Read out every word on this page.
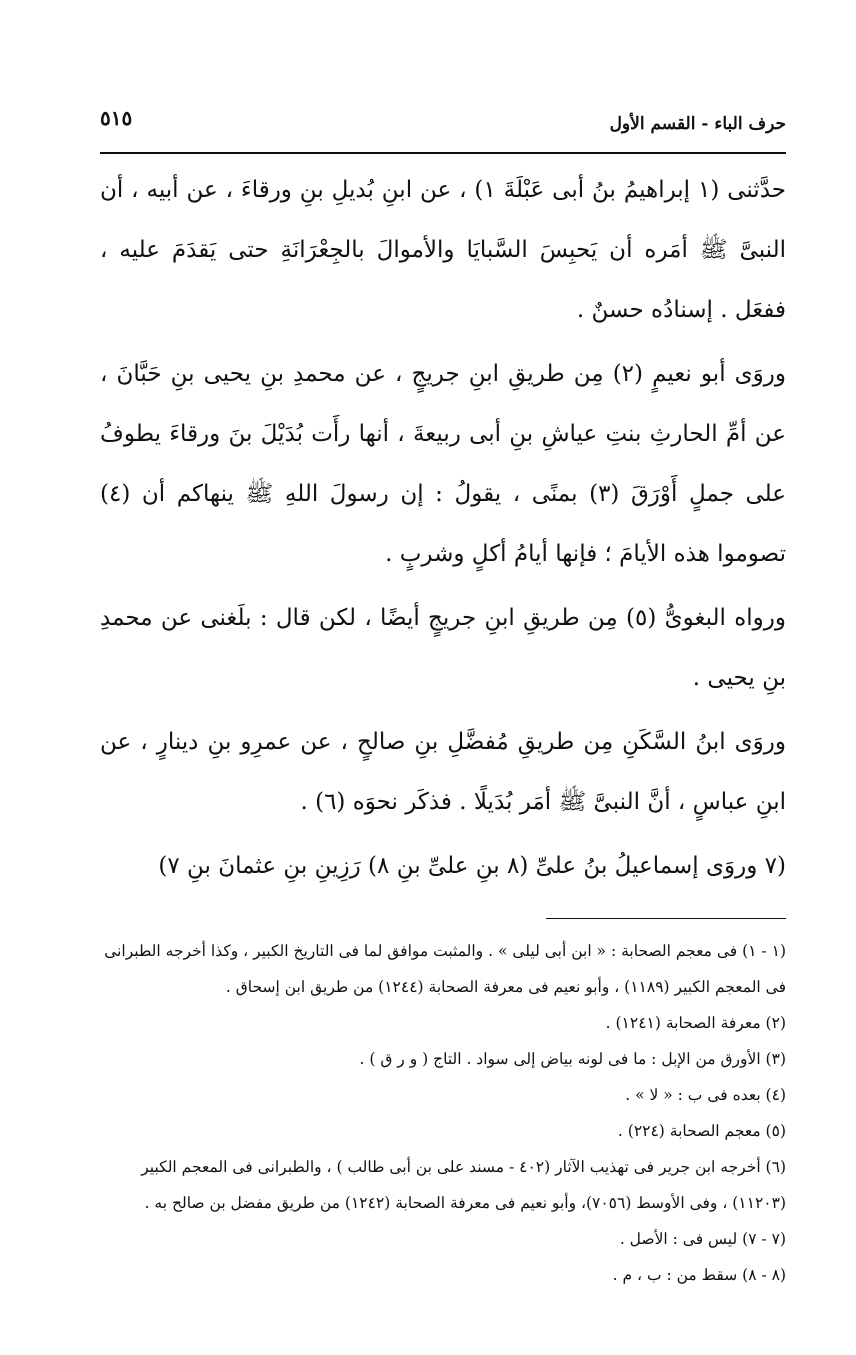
حرف الباء - القسم الأول
٥١٥

حدَّثنى (١ إبراهيمُ بنُ أبى عَبْلَةَ ١) ، عن ابنِ بُديلِ بنِ ورقاءَ ، عن أبيه ، أن النبىَّ ﷺ أمَره أن يَحبِسَ السَّبايَا والأموالَ بالجِعْرَانَةِ حتى يَقدَمَ عليه ، ففعَل . إسنادُه حسنٌ .

وروَى أبو نعيمٍ (٢) مِن طريقِ ابنِ جريجٍ ، عن محمدِ بنِ يحيى بنِ حَبَّانَ ، عن أمِّ الحارثِ بنتِ عياشِ بنِ أبى ربيعةَ ، أنها رأَت بُدَيْلَ بنَ ورقاءَ يطوفُ على جملٍ أَوْرَقَ (٣) بمنًى ، يقولُ : إن رسولَ اللهِ ﷺ ينهاكم أن (٤) تصوموا هذه الأيامَ ؛ فإنها أيامُ أكلٍ وشربٍ .

ورواه البغوىُّ (٥) مِن طريقِ ابنِ جريجٍ أيضًا ، لكن قال : بلَغنى عن محمدِ بنِ يحيى .

وروَى ابنُ السَّكَنِ مِن طريقِ مُفضَّلِ بنِ صالحٍ ، عن عمرِو بنِ دينارٍ ، عن ابنِ عباسٍ ، أنَّ النبىَّ ﷺ أمَر بُدَيلًا . فذكَر نحوَه (٦) .

(٧ وروَى إسماعيلُ بنُ علىِّ (٨ بنِ علىِّ بنِ ٨) رَزِينِ بنِ عثمانَ بنِ ٧)

(١ - ١) فى معجم الصحابة : « ابن أبى ليلى » . والمثبت موافق لما فى التاريخ الكبير ، وكذا أخرجه الطبرانى فى المعجم الكبير (١١٨٩) ، وأبو نعيم فى معرفة الصحابة (١٢٤٤) من طريق ابن إسحاق .
(٢) معرفة الصحابة (١٢٤١) .
(٣) الأورق من الإبل : ما فى لونه بياض إلى سواد . التاج ( و ر ق ) .
(٤) بعده فى ب : « لا » .
(٥) معجم الصحابة (٢٢٤) .
(٦) أخرجه ابن جرير فى تهذيب الآثار (٤٠٢ - مسند على بن أبى طالب ) ، والطبرانى فى المعجم الكبير (١١٢٠٣) ، وفى الأوسط (٧٠٥٦)، وأبو نعيم فى معرفة الصحابة (١٢٤٢) من طريق مفضل بن صالح به .
(٧ - ٧) ليس فى : الأصل .
(٨ - ٨) سقط من : ب ، م .
